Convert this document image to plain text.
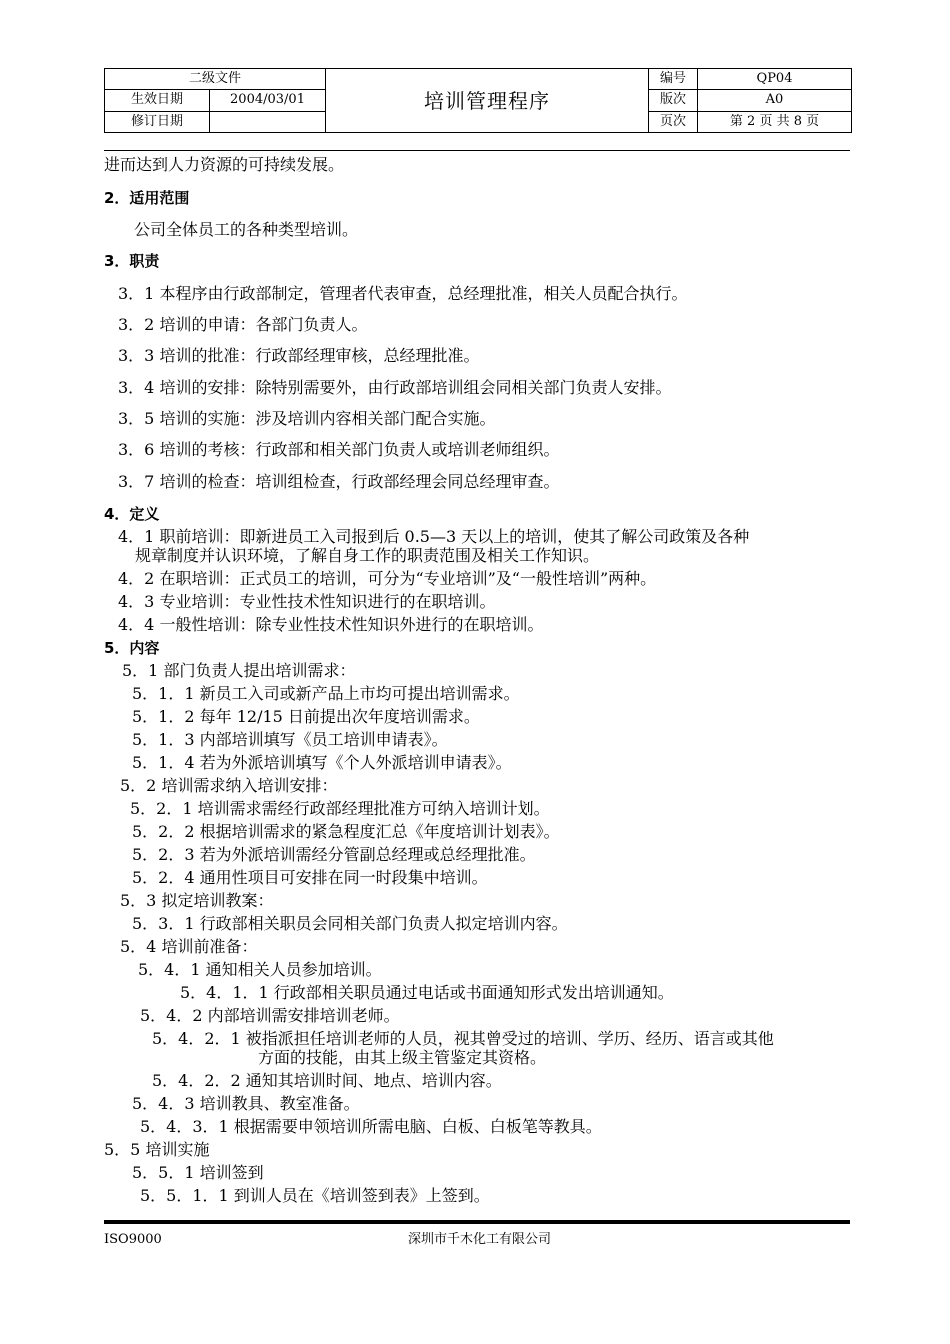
二级文件		培训管理程序	编号	QP04
生效日期	2004/03/01		版次	A0
修订日期			页次	第 2 页 共 8 页
进而达到人力资源的可持续发展。
2．适用范围
公司全体员工的各种类型培训。
3．职责
3．1 本程序由行政部制定，管理者代表审查，总经理批准，相关人员配合执行。
3．2 培训的申请：各部门负责人。
3．3 培训的批准：行政部经理审核，总经理批准。
3．4 培训的安排：除特别需要外，由行政部培训组会同相关部门负责人安排。
3．5 培训的实施：涉及培训内容相关部门配合实施。
3．6 培训的考核：行政部和相关部门负责人或培训老师组织。
3．7 培训的检查：培训组检查，行政部经理会同总经理审查。
4．定义
4．1 职前培训：即新进员工入司报到后 0.5—3 天以上的培训，使其了解公司政策及各种
规章制度并认识环境，了解自身工作的职责范围及相关工作知识。
4．2 在职培训：正式员工的培训，可分为“专业培训”及“一般性培训”两种。
4．3 专业培训：专业性技术性知识进行的在职培训。
4．4 一般性培训：除专业性技术性知识外进行的在职培训。
5．内容
5．1 部门负责人提出培训需求：
5．1．1 新员工入司或新产品上市均可提出培训需求。
5．1．2 每年 12/15 日前提出次年度培训需求。
5．1．3 内部培训填写《员工培训申请表》。
5．1．4 若为外派培训填写《个人外派培训申请表》。
5．2 培训需求纳入培训安排：
5．2．1 培训需求需经行政部经理批准方可纳入培训计划。
5．2．2 根据培训需求的紧急程度汇总《年度培训计划表》。
5．2．3 若为外派培训需经分管副总经理或总经理批准。
5．2．4 通用性项目可安排在同一时段集中培训。
5．3 拟定培训教案：
5．3．1 行政部相关职员会同相关部门负责人拟定培训内容。
5．4 培训前准备：
5．4．1 通知相关人员参加培训。
5．4．1．1 行政部相关职员通过电话或书面通知形式发出培训通知。
5．4．2 内部培训需安排培训老师。
5．4．2．1 被指派担任培训老师的人员，视其曾受过的培训、学历、经历、语言或其他
方面的技能，由其上级主管鉴定其资格。
5．4．2．2 通知其培训时间、地点、培训内容。
5．4．3 培训教具、教室准备。
5．4．3．1 根据需要申领培训所需电脑、白板、白板笔等教具。
5．5 培训实施
5．5．1 培训签到
5．5．1．1 到训人员在《培训签到表》上签到。
ISO9000	深圳市千木化工有限公司
